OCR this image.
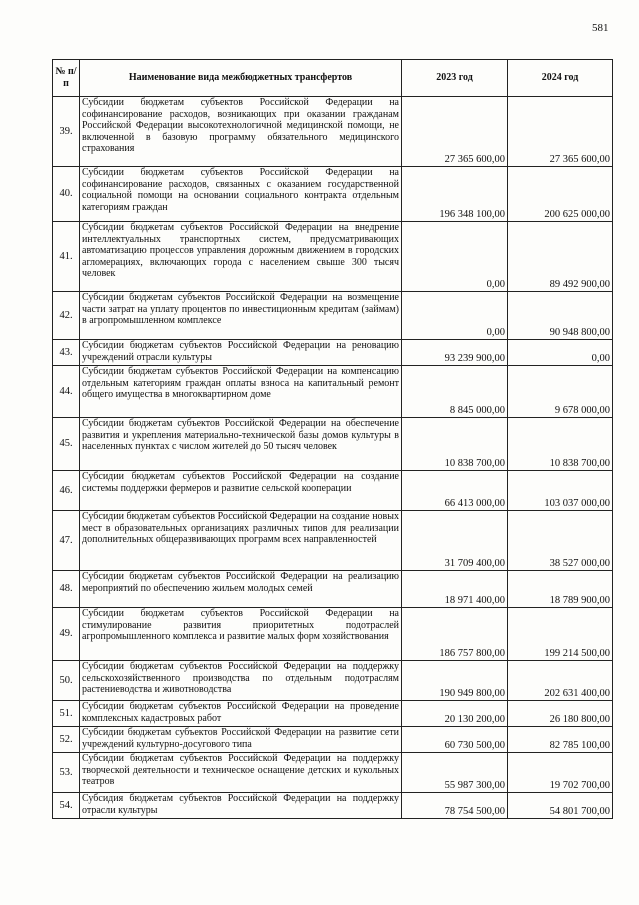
581
№ п/п	Наименование вида межбюджетных трансфертов	2023 год	2024 год
39.	Субсидии бюджетам субъектов Российской Федерации на софинансирование расходов, возникающих при оказании гражданам Российской Федерации высокотехнологичной медицинской помощи, не включенной в базовую программу обязательного медицинского страхования	27 365 600,00	27 365 600,00
40.	Субсидии бюджетам субъектов Российской Федерации на софинансирование расходов, связанных с оказанием государственной социальной помощи на основании социального контракта отдельным категориям граждан	196 348 100,00	200 625 000,00
41.	Субсидии бюджетам субъектов Российской Федерации на внедрение интеллектуальных транспортных систем, предусматривающих автоматизацию процессов управления дорожным движением в городских агломерациях, включающих города с населением свыше 300 тысяч человек	0,00	89 492 900,00
42.	Субсидии бюджетам субъектов Российской Федерации на возмещение части затрат на уплату процентов по инвестиционным кредитам (займам) в агропромышленном комплексе	0,00	90 948 800,00
43.	Субсидии бюджетам субъектов Российской Федерации на реновацию учреждений отрасли культуры	93 239 900,00	0,00
44.	Субсидии бюджетам субъектов Российской Федерации на компенсацию отдельным категориям граждан оплаты взноса на капитальный ремонт общего имущества в многоквартирном доме	8 845 000,00	9 678 000,00
45.	Субсидии бюджетам субъектов Российской Федерации на обеспечение развития и укрепления материально-технической базы домов культуры в населенных пунктах с числом жителей до 50 тысяч человек	10 838 700,00	10 838 700,00
46.	Субсидии бюджетам субъектов Российской Федерации на создание системы поддержки фермеров и развитие сельской кооперации	66 413 000,00	103 037 000,00
47.	Субсидии бюджетам субъектов Российской Федерации на создание новых мест в образовательных организациях различных типов для реализации дополнительных общеразвивающих программ всех направленностей	31 709 400,00	38 527 000,00
48.	Субсидии бюджетам субъектов Российской Федерации на реализацию мероприятий по обеспечению жильем молодых семей	18 971 400,00	18 789 900,00
49.	Субсидии бюджетам субъектов Российской Федерации на стимулирование развития приоритетных подотраслей агропромышленного комплекса и развитие малых форм хозяйствования	186 757 800,00	199 214 500,00
50.	Субсидии бюджетам субъектов Российской Федерации на поддержку сельскохозяйственного производства по отдельным подотраслям растениеводства и животноводства	190 949 800,00	202 631 400,00
51.	Субсидии бюджетам субъектов Российской Федерации на проведение комплексных кадастровых работ	20 130 200,00	26 180 800,00
52.	Субсидии бюджетам субъектов Российской Федерации на развитие сети учреждений культурно-досугового типа	60 730 500,00	82 785 100,00
53.	Субсидии бюджетам субъектов Российской Федерации на поддержку творческой деятельности и техническое оснащение детских и кукольных театров	55 987 300,00	19 702 700,00
54.	Субсидия бюджетам субъектов Российской Федерации на поддержку отрасли культуры	78 754 500,00	54 801 700,00
